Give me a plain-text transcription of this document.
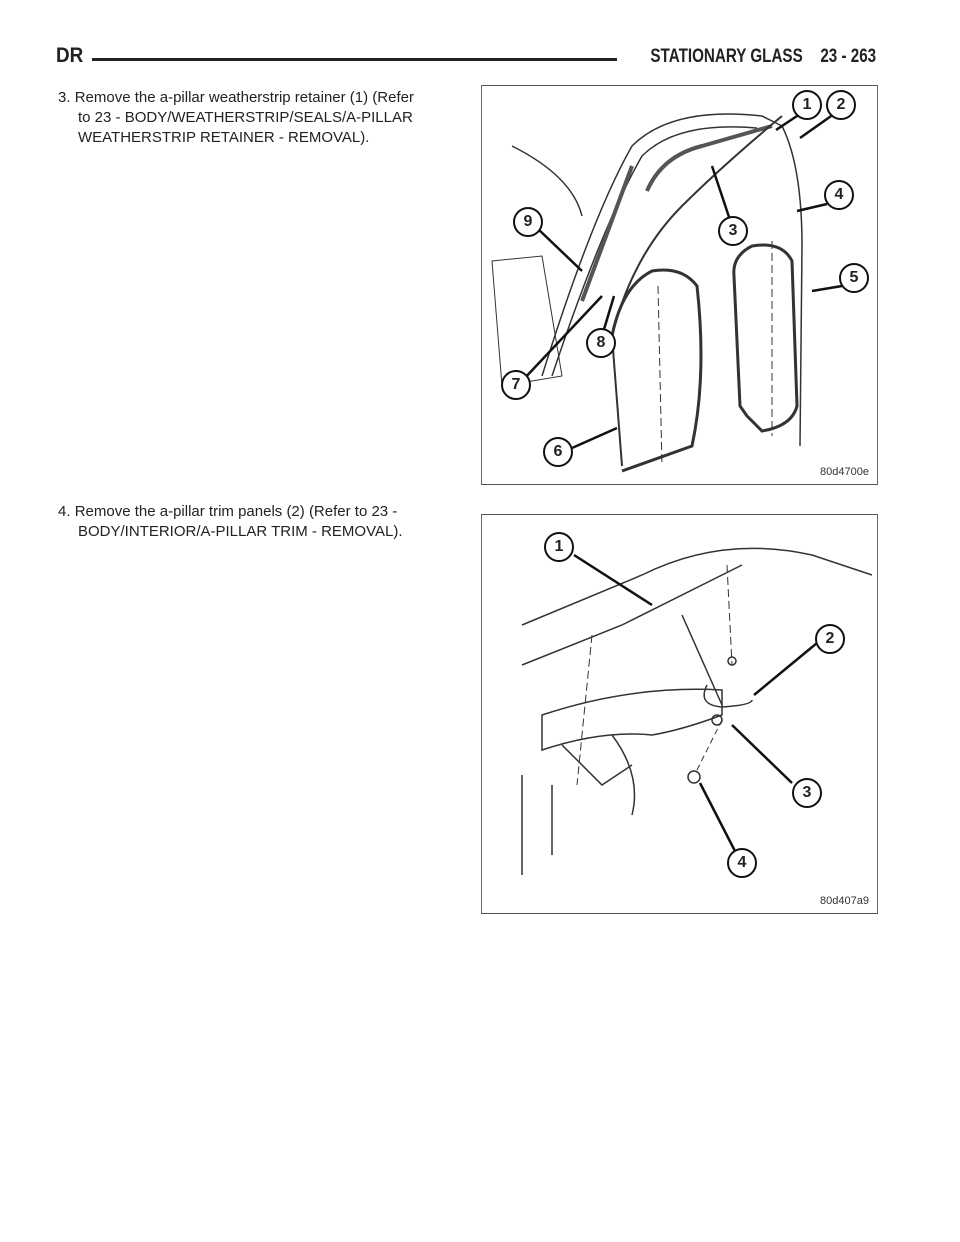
DR	STATIONARY GLASS 23 - 263
3. Remove the a-pillar weatherstrip retainer (1) (Refer
to 23 - BODY/WEATHERSTRIP/SEALS/A-PILLAR WEATHERSTRIP RETAINER - REMOVAL).
4. Remove the a-pillar trim panels (2) (Refer to 23 -
BODY/INTERIOR/A-PILLAR TRIM - REMOVAL).
1	2
3
4
5
6
7
8
9
80d4700e
1
2
3
4
80d407a9
